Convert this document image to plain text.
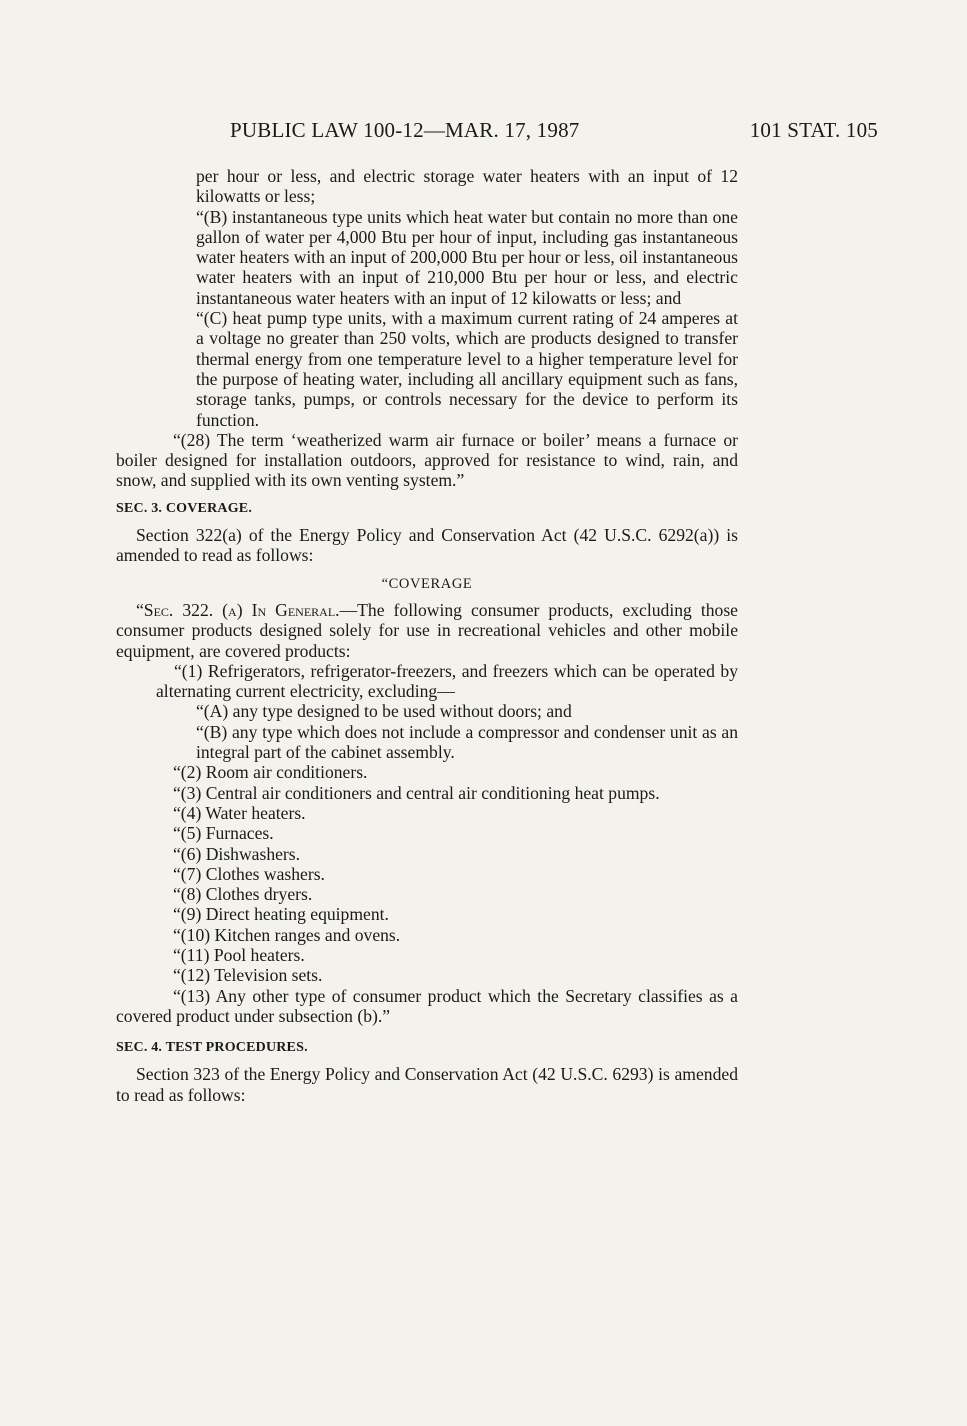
PUBLIC LAW 100-12—MAR. 17, 1987	101 STAT. 105

per hour or less, and electric storage water heaters with an input of 12 kilowatts or less;

“(B) instantaneous type units which heat water but contain no more than one gallon of water per 4,000 Btu per hour of input, including gas instantaneous water heaters with an input of 200,000 Btu per hour or less, oil instantaneous water heaters with an input of 210,000 Btu per hour or less, and electric instantaneous water heaters with an input of 12 kilowatts or less; and

“(C) heat pump type units, with a maximum current rating of 24 amperes at a voltage no greater than 250 volts, which are products designed to transfer thermal energy from one temperature level to a higher temperature level for the purpose of heating water, including all ancillary equipment such as fans, storage tanks, pumps, or controls necessary for the device to perform its function.

“(28) The term ‘weatherized warm air furnace or boiler’ means a furnace or boiler designed for installation outdoors, approved for resistance to wind, rain, and snow, and supplied with its own venting system.”

SEC. 3. COVERAGE.

Section 322(a) of the Energy Policy and Conservation Act (42 U.S.C. 6292(a)) is amended to read as follows:

“COVERAGE

“Sec. 322. (a) In General.—The following consumer products, excluding those consumer products designed solely for use in recreational vehicles and other mobile equipment, are covered products:

“(1) Refrigerators, refrigerator-freezers, and freezers which can be operated by alternating current electricity, excluding—

“(A) any type designed to be used without doors; and

“(B) any type which does not include a compressor and condenser unit as an integral part of the cabinet assembly.

“(2) Room air conditioners.

“(3) Central air conditioners and central air conditioning heat pumps.

“(4) Water heaters.

“(5) Furnaces.

“(6) Dishwashers.

“(7) Clothes washers.

“(8) Clothes dryers.

“(9) Direct heating equipment.

“(10) Kitchen ranges and ovens.

“(11) Pool heaters.

“(12) Television sets.

“(13) Any other type of consumer product which the Secretary classifies as a covered product under subsection (b).”

SEC. 4. TEST PROCEDURES.

Section 323 of the Energy Policy and Conservation Act (42 U.S.C. 6293) is amended to read as follows:
